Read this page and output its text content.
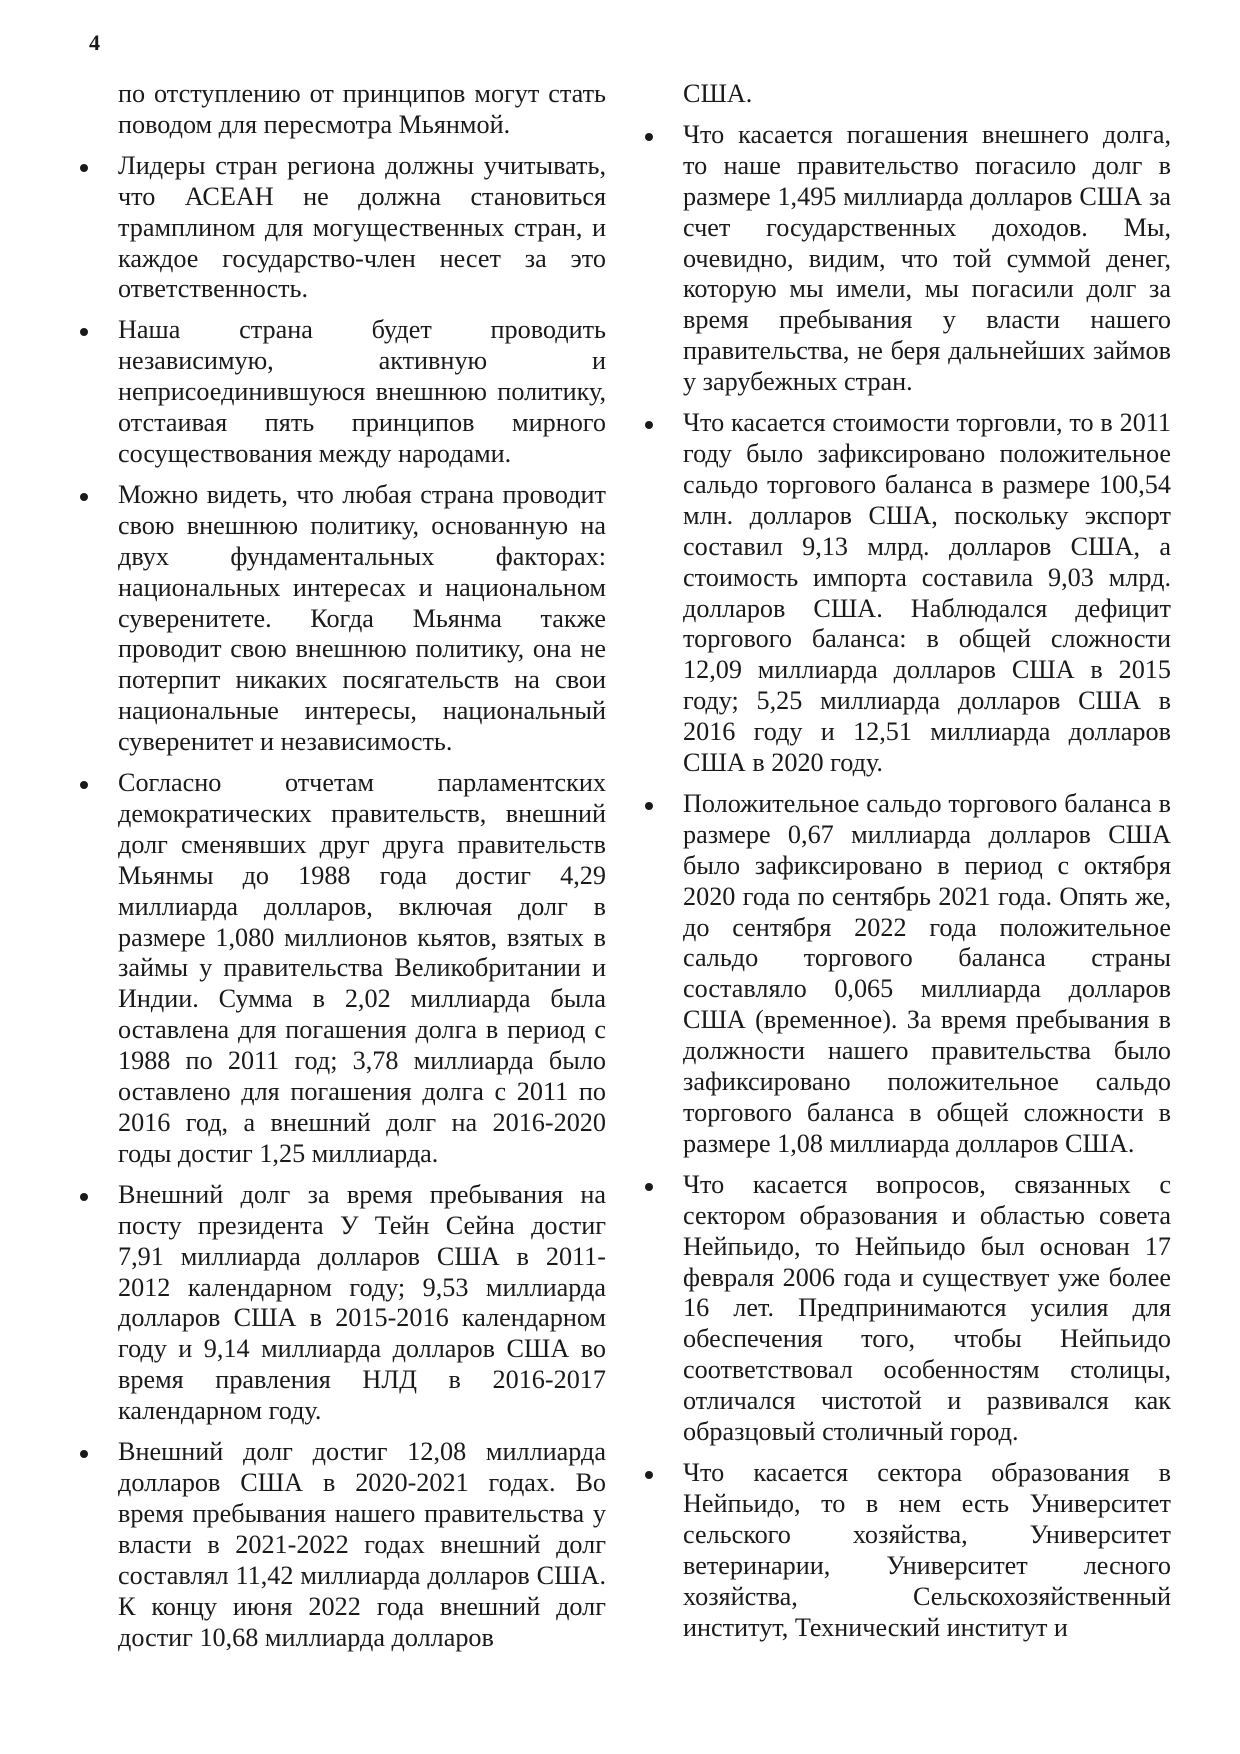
4

по отступлению от принципов могут стать поводом для пересмотра Мьянмой.

Лидеры стран региона должны учитывать, что АСЕАН не должна становиться трамплином для могущественных стран, и каждое государство-член несет за это ответственность.

Наша страна будет проводить независимую, активную и неприсоединившуюся внешнюю политику, отстаивая пять принципов мирного сосуществования между народами.

Можно видеть, что любая страна проводит свою внешнюю политику, основанную на двух фундаментальных факторах: национальных интересах и национальном суверенитете. Когда Мьянма также проводит свою внешнюю политику, она не потерпит никаких посягательств на свои национальные интересы, национальный суверенитет и независимость.

Согласно отчетам парламентских демократических правительств, внешний долг сменявших друг друга правительств Мьянмы до 1988 года достиг 4,29 миллиарда долларов, включая долг в размере 1,080 миллионов кьятов, взятых в займы у правительства Великобритании и Индии. Сумма в 2,02 миллиарда была оставлена для погашения долга в период с 1988 по 2011 год; 3,78 миллиарда было оставлено для погашения долга с 2011 по 2016 год, а внешний долг на 2016-2020 годы достиг 1,25 миллиарда.

Внешний долг за время пребывания на посту президента У Тейн Сейна достиг 7,91 миллиарда долларов США в 2011-2012 календарном году; 9,53 миллиарда долларов США в 2015-2016 календарном году и 9,14 миллиарда долларов США во время правления НЛД в 2016-2017 календарном году.

Внешний долг достиг 12,08 миллиарда долларов США в 2020-2021 годах. Во время пребывания нашего правительства у власти в 2021-2022 годах внешний долг составлял 11,42 миллиарда долларов США. К концу июня 2022 года внешний долг достиг 10,68 миллиарда долларов

США.

Что касается погашения внешнего долга, то наше правительство погасило долг в размере 1,495 миллиарда долларов США за счет государственных доходов. Мы, очевидно, видим, что той суммой денег, которую мы имели, мы погасили долг за время пребывания у власти нашего правительства, не беря дальнейших займов у зарубежных стран.

Что касается стоимости торговли, то в 2011 году было зафиксировано положительное сальдо торгового баланса в размере 100,54 млн. долларов США, поскольку экспорт составил 9,13 млрд. долларов США, а стоимость импорта составила 9,03 млрд. долларов США. Наблюдался дефицит торгового баланса: в общей сложности 12,09 миллиарда долларов США в 2015 году; 5,25 миллиарда долларов США в 2016 году и 12,51 миллиарда долларов США в 2020 году.

Положительное сальдо торгового баланса в размере 0,67 миллиарда долларов США было зафиксировано в период с октября 2020 года по сентябрь 2021 года. Опять же, до сентября 2022 года положительное сальдо торгового баланса страны составляло 0,065 миллиарда долларов США (временное). За время пребывания в должности нашего правительства было зафиксировано положительное сальдо торгового баланса в общей сложности в размере 1,08 миллиарда долларов США.

Что касается вопросов, связанных с сектором образования и областью совета Нейпьидо, то Нейпьидо был основан 17 февраля 2006 года и существует уже более 16 лет. Предпринимаются усилия для обеспечения того, чтобы Нейпьидо соответствовал особенностям столицы, отличался чистотой и развивался как образцовый столичный город.

Что касается сектора образования в Нейпьидо, то в нем есть Университет сельского хозяйства, Университет ветеринарии, Университет лесного хозяйства, Сельскохозяйственный институт, Технический институт и
